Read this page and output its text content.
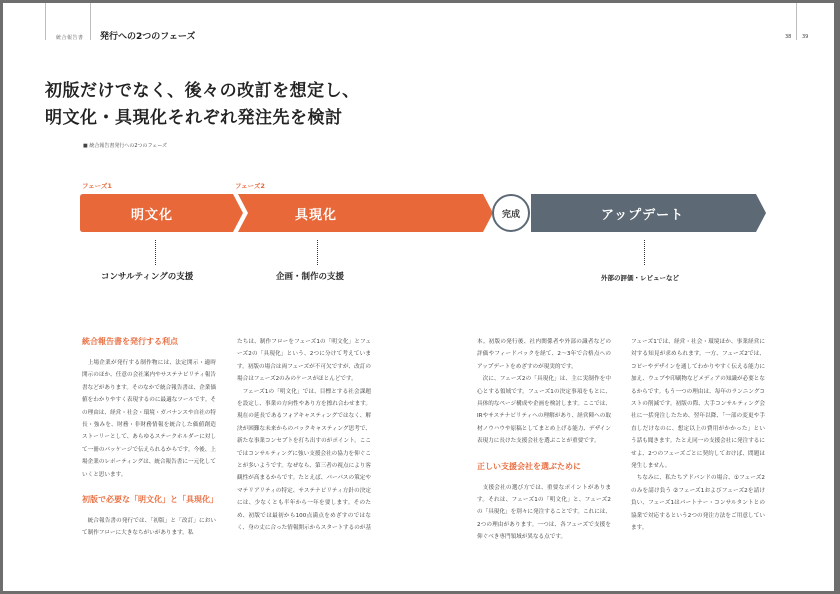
統合報告書 発行への2つのフェーズ	38 39
初版だけでなく、後々の改訂を想定し、
明文化・具現化それぞれ発注先を検討
■ 統合報告書発行への2つのフェーズ
フェーズ1	フェーズ2
明文化	具現化	完成	アップデート
コンサルティングの支援	企画・制作の支援	外部の評価・レビューなど
統合報告書を発行する利点

上場企業が発行する制作物には、法定開示・適時開示のほか、任意の会社案内やサステナビリティ報告書などがあります。そのなかで統合報告書は、企業価値をわかりやすく表現するのに最適なツールです。その理由は、経営・社会・環境・ガバナンスや自社の特長・強みを、財務・非財務情報を統合した価値創造ストーリーとして、あらゆるステークホルダーに対して一冊のパッケージで伝えられるからです。今後、上場企業のレポーティングは、統合報告書に一元化していくと思います。

初版で必要な「明文化」と「具現化」

統合報告書の発行では、「初版」と「改訂」において制作フローに大きなちがいがあります。私

たちは、制作フローをフェーズ1の「明文化」とフェーズ2の「具現化」という、2つに分けて考えています。初版の場合は両フェーズが不可欠ですが、改訂の場合はフェーズ2のみのケースがほとんどです。

フェーズ1の「明文化」では、目標とする社会課題を設定し、事業の方向性やあり方を擦れ合わせます。現在の延長であるフォアキャスティングではなく、解決が困難な未来からのバックキャスティング思考で、新たな事業コンセプトを打ち出すのがポイント。ここではコンサルティングに強い支援会社の協力を仰ぐことが多いようです。なぜなら、第三者の視点により客観性が高まるからです。たとえば、パーパスの策定やマテリアリティの特定、サステナビリティ方針の決定には、少なくとも半年から一年を要します。そのため、初版では最初から100点満点をめざすのではなく、身の丈に合った情報開示からスタートするのが基

本。初版の発行後、社内関係者や外部の識者などの評価やフィードバックを経て、2〜3年で合格点へのアップデートをめざすのが現実的です。

次に、フェーズ2の「具現化」は、主に実制作を中心とする領域です。フェーズ1の決定事項をもとに、具体的なページ構成や企画を検討します。ここでは、IRやサステナビリティへの理解があり、経営陣への取材ノウハウや原稿としてまとめ上げる能力、デザイン表現力に長けた支援会社を選ぶことが重要です。

正しい支援会社を選ぶために

支援会社の選び方では、重要なポイントがあります。それは、フェーズ1の「明文化」と、フェーズ2の「具現化」を別々に発注することです。これには、2つの理由があります。一つは、各フェーズで支援を仰ぐべき専門領域が異なる点です。

フェーズ1では、経営・社会・環境ほか、事業経営に対する知見が求められます。一方、フェーズ2では、コピーやデザインを通してわかりやすく伝える能力に加え、ウェブや印刷物などメディアの知識が必要となるからです。もう一つの理由は、毎年のランニングコストの削減です。初版の際、大手コンサルティング会社に一括発注したため、翌年以降、「一部の変更や手直しだけなのに、想定以上の費用がかかった」という話も聞きます。たとえ同一の支援会社に発注するにせよ、2つのフェーズごとに契約しておけば、問題は発生しません。

ちなみに、私たちアドバンドの場合、①フェーズ2のみを請け負う ②フェーズ1およびフェーズ2を請け負い、フェーズ1はパートナー・コンサルタントとの協業で対応するという2つの発注方法をご用意しています。
